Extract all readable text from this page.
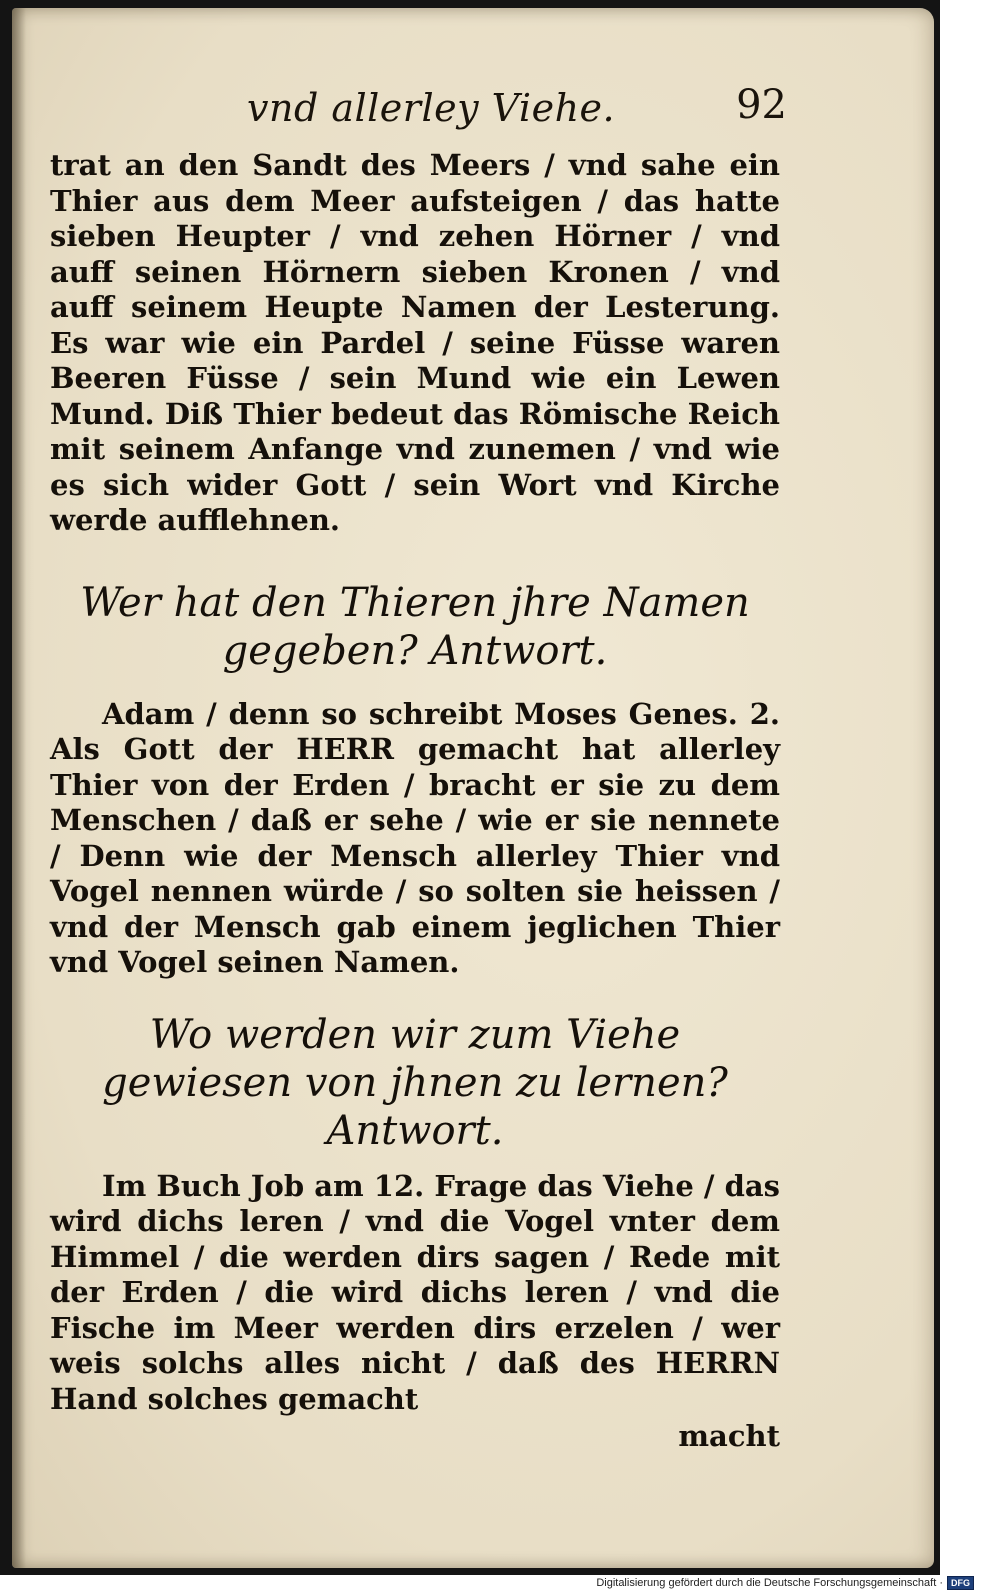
vnd allerley Viehe.	92

trat an den Sandt des Meers / vnd sahe ein Thier aus dem Meer aufsteigen / das hatte sieben Heupter / vnd zehen Hörner / vnd auff seinen Hörnern sieben Kronen / vnd auff seinem Heupte Namen der Lesterung. Es war wie ein Pardel / seine Füsse waren Beeren Füsse / sein Mund wie ein Lewen Mund. Diß Thier bedeut das Römische Reich mit seinem Anfange vnd zunemen / vnd wie es sich wider Gott / sein Wort vnd Kirche werde aufflehnen.

Wer hat den Thieren jhre Namen gegeben? Antwort.

Adam / denn so schreibt Moses Genes. 2. Als Gott der HERR gemacht hat allerley Thier von der Erden / bracht er sie zu dem Menschen / daß er sehe / wie er sie nennete / Denn wie der Mensch allerley Thier vnd Vogel nennen würde / so solten sie heissen / vnd der Mensch gab einem jeglichen Thier vnd Vogel seinen Namen.

Wo werden wir zum Viehe gewiesen von jhnen zu lernen? Antwort.

Im Buch Job am 12. Frage das Viehe / das wird dichs leren / vnd die Vogel vnter dem Himmel / die werden dirs sagen / Rede mit der Erden / die wird dichs leren / vnd die Fische im Meer werden dirs erzelen / wer weis solchs alles nicht / daß des HERRN Hand solches gemacht

macht

Digitalisierung gefördert durch die Deutsche Forschungsgemeinschaft · DFG
